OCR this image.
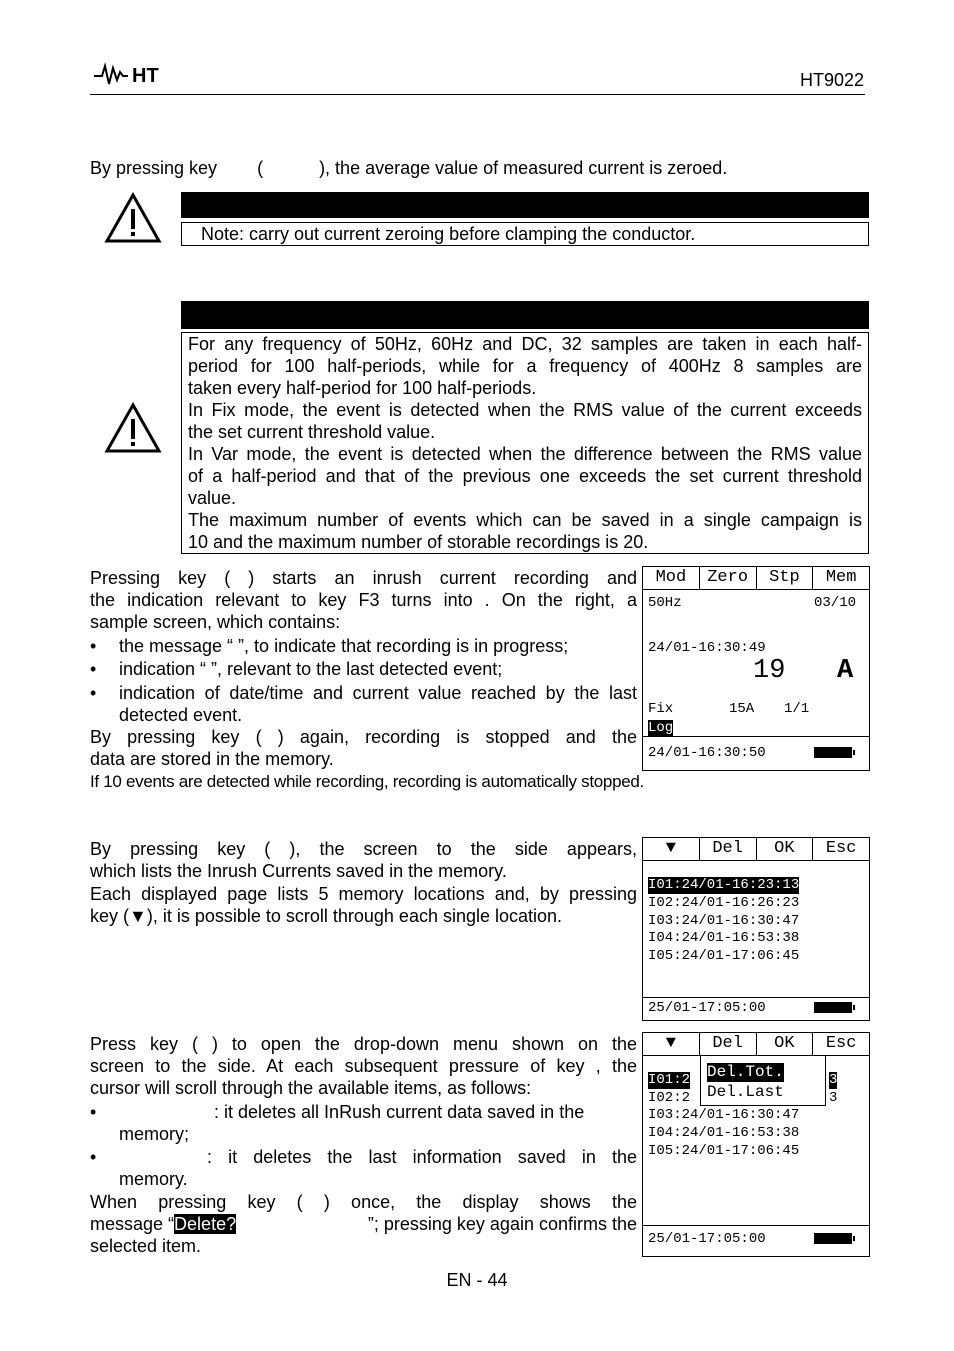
HT	HT9022
By pressing key (	), the average value of measured current is zeroed.
Note: carry out current zeroing before clamping the conductor.
For any frequency of 50Hz, 60Hz and DC, 32 samples are taken in each half-
period for 100 half-periods, while for a frequency of 400Hz 8 samples are
taken every half-period for 100 half-periods.
In Fix mode, the event is detected when the RMS value of the current exceeds
the set current threshold value.
In Var mode, the event is detected when the difference between the RMS value
of a half-period and that of the previous one exceeds the set current threshold
value.
The maximum number of events which can be saved in a single campaign is
10 and the maximum number of storable recordings is 20.
Pressing key ( ) starts an inrush current recording and
the indication relevant to key F3 turns into . On the right, a
sample screen, which contains:
• the message “ ”, to indicate that recording is in progress;
• indication “ ”, relevant to the last detected event;
• indication of date/time and current value reached by the last
detected event.
By pressing key ( ) again, recording is stopped and the
data are stored in the memory.
If 10 events are detected while recording, recording is automatically stopped.
Mod	Zero	Stp	Mem
50Hz	03/10
24/01-16:30:49
19 A
Fix	15A 1/1
Log
24/01-16:30:50
By pressing key ( ), the screen to the side appears,
which lists the Inrush Currents saved in the memory.
Each displayed page lists 5 memory locations and, by pressing
key (▼), it is possible to scroll through each single location.
▼	Del	OK	Esc
I01:24/01-16:23:13
I02:24/01-16:26:23
I03:24/01-16:30:47
I04:24/01-16:53:38
I05:24/01-17:06:45
25/01-17:05:00
Press key ( ) to open the drop-down menu shown on the
screen to the side. At each subsequent pressure of key , the
cursor will scroll through the available items, as follows:
•	: it deletes all InRush current data saved in the
memory;
•	: it deletes the last information saved in the
memory.
When pressing key ( ) once, the display shows the
message “Delete?	”; pressing key again confirms the
selected item.
▼	Del	OK	Esc
I01:2	3
I02:2	3
I03:24/01-16:30:47
I04:24/01-16:53:38
I05:24/01-17:06:45
Del.Tot.
Del.Last
25/01-17:05:00
EN - 44
